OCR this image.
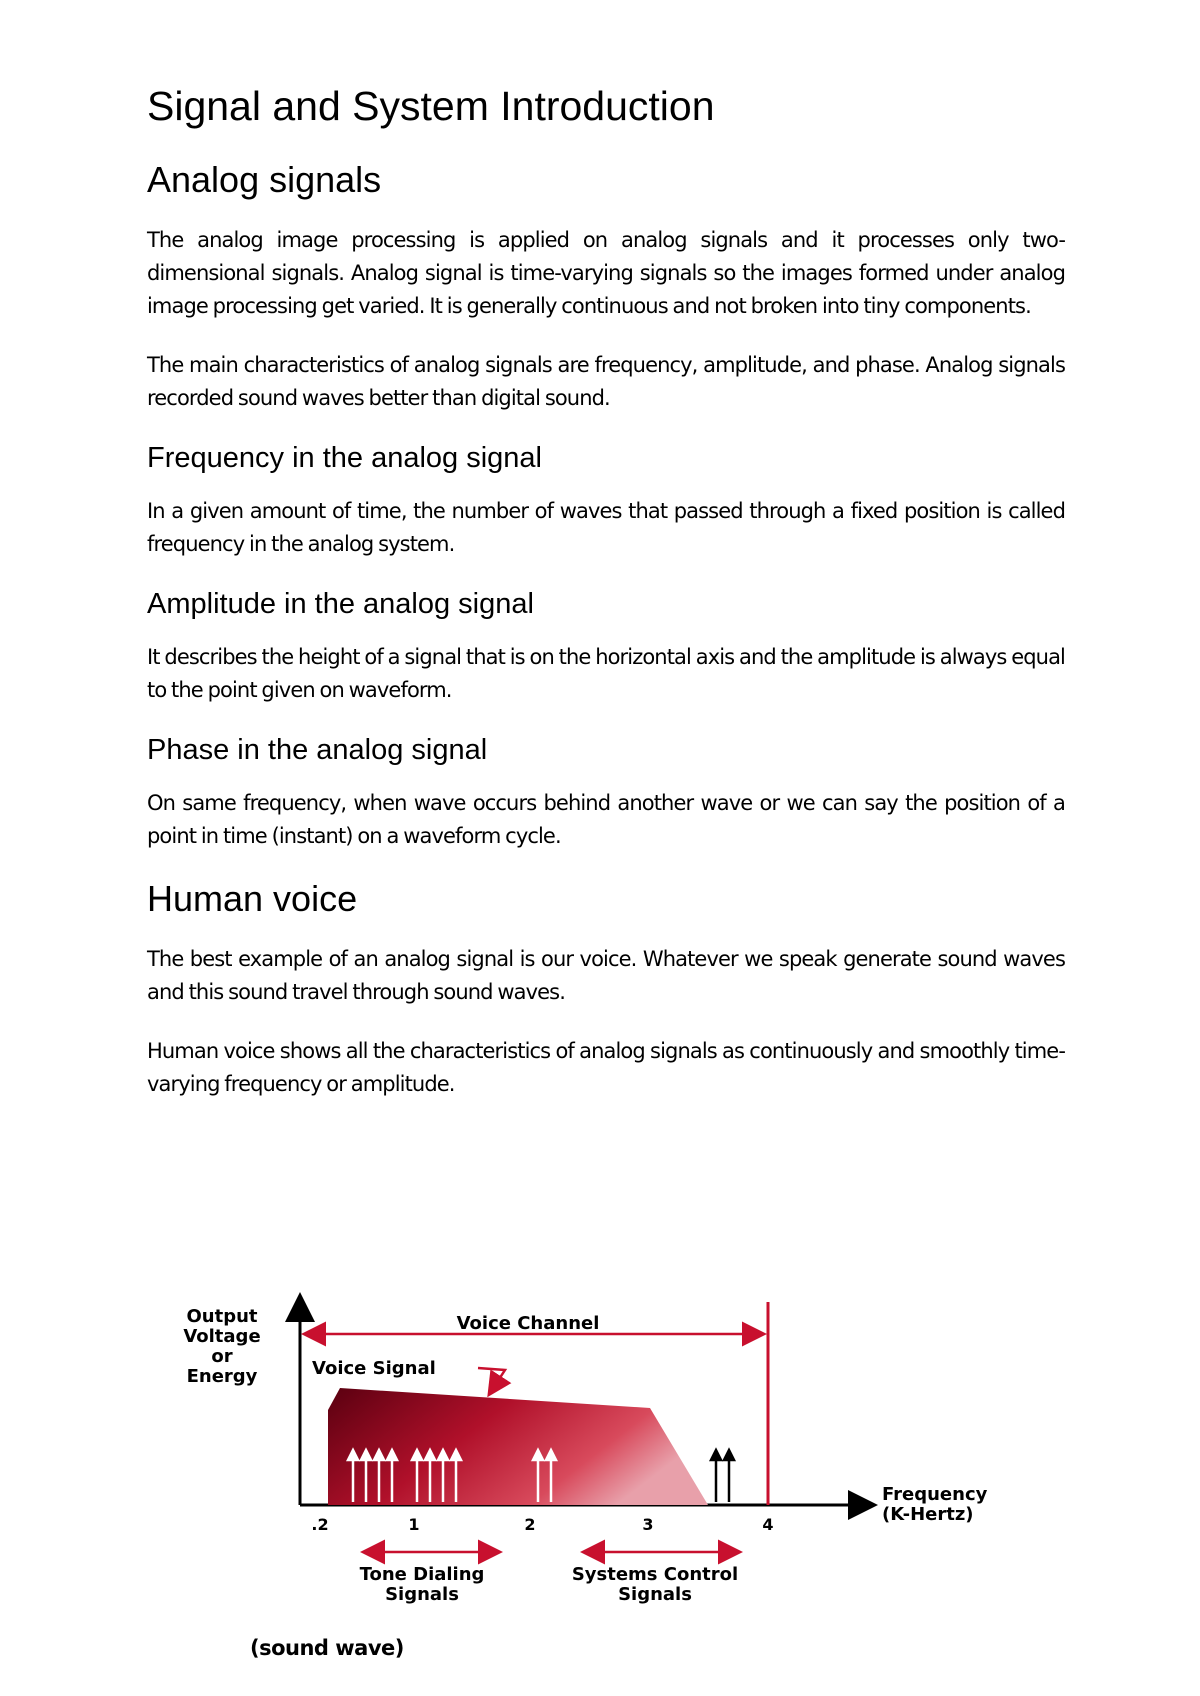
Signal and System Introduction
Analog signals

The analog image processing is applied on analog signals and it processes only two-dimensional signals. Analog signal is time-varying signals so the images formed under analog image processing get varied. It is generally continuous and not broken into tiny components.

The main characteristics of analog signals are frequency, amplitude, and phase. Analog signals recorded sound waves better than digital sound.

Frequency in the analog signal

In a given amount of time, the number of waves that passed through a fixed position is called frequency in the analog system.

Amplitude in the analog signal

It describes the height of a signal that is on the horizontal axis and the amplitude is always equal to the point given on waveform.

Phase in the analog signal

On same frequency, when wave occurs behind another wave or we can say the position of a point in time (instant) on a waveform cycle.

Human voice

The best example of an analog signal is our voice. Whatever we speak generate sound waves and this sound travel through sound waves.

Human voice shows all the characteristics of analog signals as continuously and smoothly time-varying frequency or amplitude.

Output
Voltage
or
Energy
Voice Channel
Voice Signal
.2	1	2	3	4
Frequency
(K-Hertz)
Tone Dialing
Signals
Systems Control
Signals
(sound wave)
